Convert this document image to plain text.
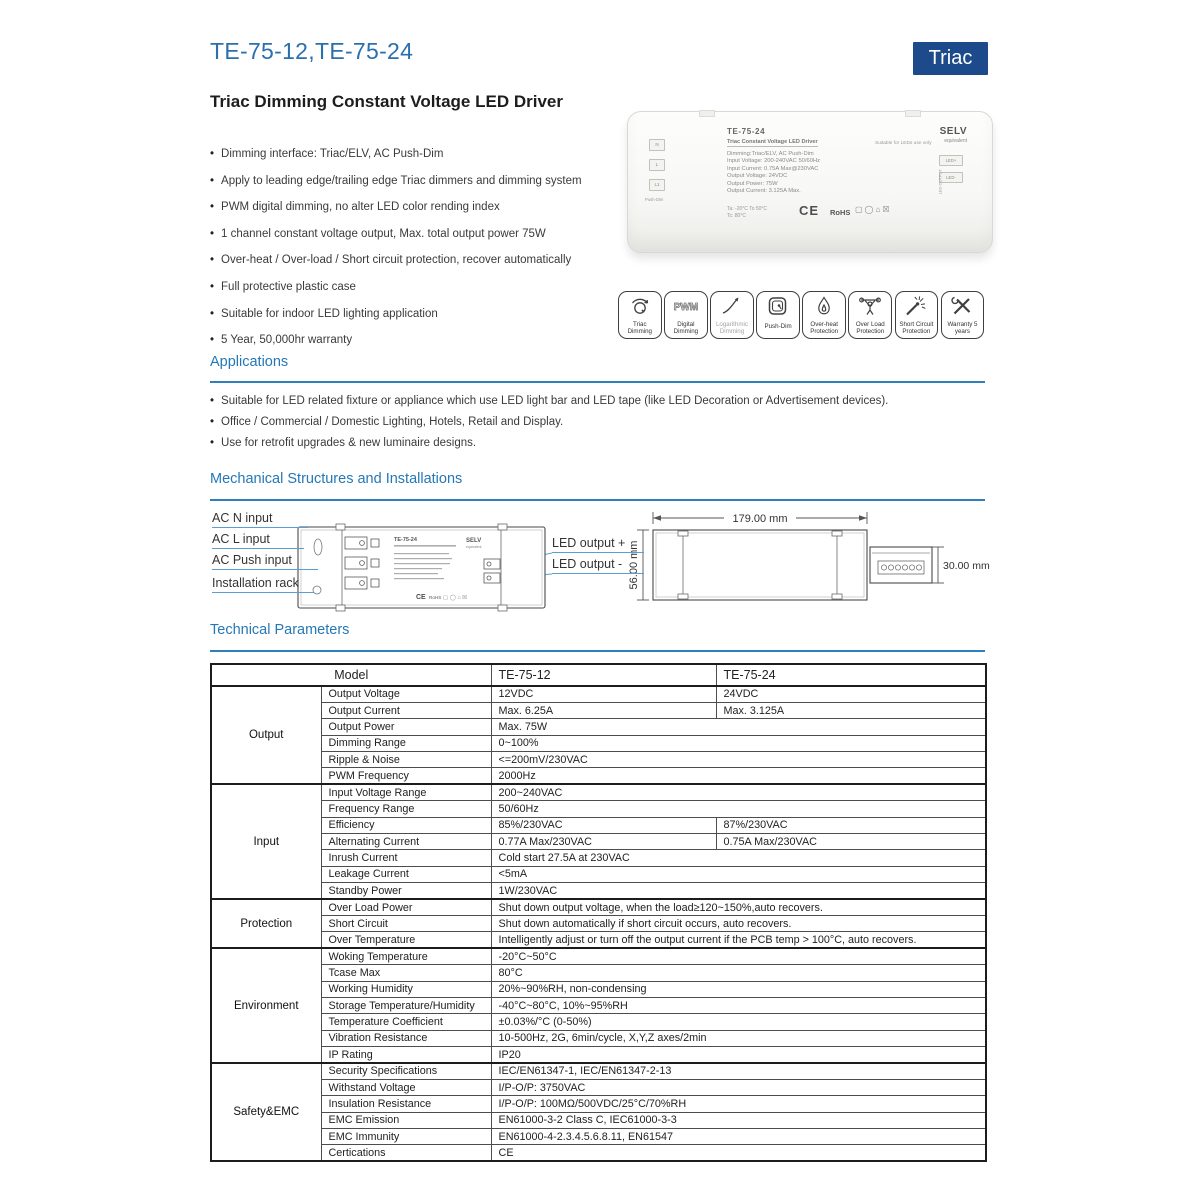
TE-75-12,TE-75-24	Triac
Triac Dimming Constant Voltage LED Driver
• Dimming interface: Triac/ELV, AC Push-Dim
• Apply to leading edge/trailing edge Triac dimmers and dimming system
• PWM digital dimming, no alter LED color rending index
• 1 channel constant voltage output, Max. total output power 75W
• Over-heat / Over-load / Short circuit protection, recover automatically
• Full protective plastic case
• Suitable for indoor LED lighting application
• 5 Year, 50,000hr warranty
TE-75-24
Triac Constant Voltage LED Driver
Dimming:Triac/ELV, AC Push-Dim
Input Voltage: 200-240VAC 50/60Hz
Input Current: 0.75A Max@230VAC
Output Voltage: 24VDC
Output Power: 75W
Output Current: 3.125A Max.
Suitable for LEDs use only
SELV
equivalent
Ta: -20°C To 50°C
Tc: 80°C	CE RoHS ▢◯⌂☒
N
L
L1
Push-Dim
LED+
LED-
LED OUTPUT
Triac Dimming
PWM
Digital Dimming
Logarithmic Dimming
Push-Dim	Over-heat Protection
Over Load Protection
Short Circuit Protection
Warranty 5 years
Applications
• Suitable for LED related fixture or appliance which use LED light bar and LED tape (like LED Decoration or Advertisement devices).
• Office / Commercial / Domestic Lighting, Hotels, Retail and Display.
• Use for retrofit upgrades & new luminaire designs.
Mechanical Structures and Installations
TE-75-24	SELV
equivalent
CE RoHS ▢◯⌂☒
179.00 mm
56.00 mm	30.00 mm
AC N input
AC L input
AC Push input
Installation rack
LED output +
LED output -
Technical Parameters
Model		TE-75-12	TE-75-24
Output	Output Voltage	12VDC	24VDC
	Output Current	Max. 6.25A	Max. 3.125A
	Output Power	Max. 75W	
	Dimming Range	0~100%	
	Ripple & Noise	<=200mV/230VAC	
	PWM Frequency	2000Hz	
Input	Input Voltage Range	200~240VAC	
	Frequency Range	50/60Hz	
	Efficiency	85%/230VAC	87%/230VAC
	Alternating Current	0.77A Max/230VAC	0.75A Max/230VAC
	Inrush Current	Cold start 27.5A at 230VAC	
	Leakage Current	<5mA	
	Standby Power	1W/230VAC	
Protection	Over Load Power	Shut down output voltage, when the load≥120~150%,auto recovers.	
	Short Circuit	Shut down automatically if short circuit occurs, auto recovers.	
	Over Temperature	Intelligently adjust or turn off the output current if the PCB temp > 100°C, auto recovers.	
Environment	Woking Temperature	-20°C~50°C	
	Tcase Max	80°C	
	Working Humidity	20%~90%RH, non-condensing	
	Storage Temperature/Humidity	-40°C~80°C, 10%~95%RH	
	Temperature Coefficient	±0.03%/°C (0-50%)	
	Vibration Resistance	10-500Hz, 2G, 6min/cycle, X,Y,Z axes/2min	
	IP Rating	IP20	
Safety&EMC	Security Specifications	IEC/EN61347-1, IEC/EN61347-2-13	
	Withstand Voltage	I/P-O/P: 3750VAC	
	Insulation Resistance	I/P-O/P: 100MΩ/500VDC/25°C/70%RH	
	EMC Emission	EN61000-3-2 Class C, IEC61000-3-3	
	EMC Immunity	EN61000-4-2.3.4.5.6.8.11, EN61547	
	Certications	CE	
